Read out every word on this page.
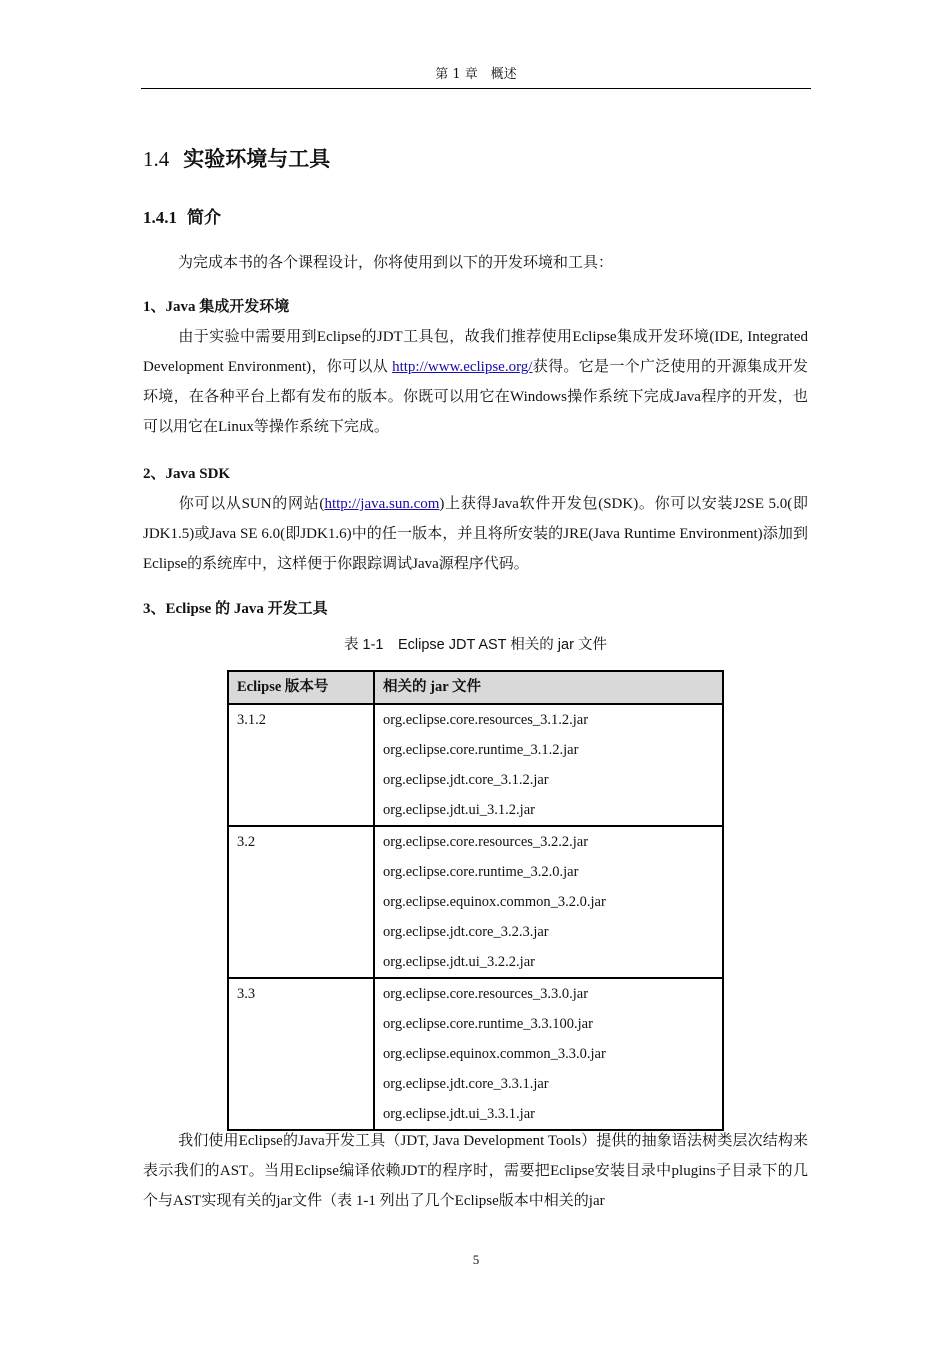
第 1 章　概述
1.4 实验环境与工具
1.4.1 简介
为完成本书的各个课程设计，你将使用到以下的开发环境和工具：
1、Java 集成开发环境
由于实验中需要用到Eclipse的JDT工具包，故我们推荐使用Eclipse集成开发环境(IDE, Integrated Development Environment)，你可以从 http://www.eclipse.org/获得。它是一个广泛使用的开源集成开发环境，在各种平台上都有发布的版本。你既可以用它在Windows操作系统下完成Java程序的开发，也可以用它在Linux等操作系统下完成。
2、Java SDK
你可以从SUN的网站(http://java.sun.com)上获得Java软件开发包(SDK)。你可以安装J2SE 5.0(即JDK1.5)或Java SE 6.0(即JDK1.6)中的任一版本，并且将所安装的JRE(Java Runtime Environment)添加到Eclipse的系统库中，这样便于你跟踪调试Java源程序代码。
3、Eclipse 的 Java 开发工具
表 1-1　Eclipse JDT AST 相关的 jar 文件
Eclipse 版本号	相关的 jar 文件
3.1.2	org.eclipse.core.resources_3.1.2.jar
org.eclipse.core.runtime_3.1.2.jar
org.eclipse.jdt.core_3.1.2.jar
org.eclipse.jdt.ui_3.1.2.jar

3.2	org.eclipse.core.resources_3.2.2.jar
org.eclipse.core.runtime_3.2.0.jar
org.eclipse.equinox.common_3.2.0.jar
org.eclipse.jdt.core_3.2.3.jar
org.eclipse.jdt.ui_3.2.2.jar

3.3	org.eclipse.core.resources_3.3.0.jar
org.eclipse.core.runtime_3.3.100.jar
org.eclipse.equinox.common_3.3.0.jar
org.eclipse.jdt.core_3.3.1.jar
org.eclipse.jdt.ui_3.3.1.jar
我们使用Eclipse的Java开发工具（JDT, Java Development Tools）提供的抽象语法树类层次结构来表示我们的AST。当用Eclipse编译依赖JDT的程序时，需要把Eclipse安装目录中plugins子目录下的几个与AST实现有关的jar文件（表 1-1 列出了几个Eclipse版本中相关的jar
5
